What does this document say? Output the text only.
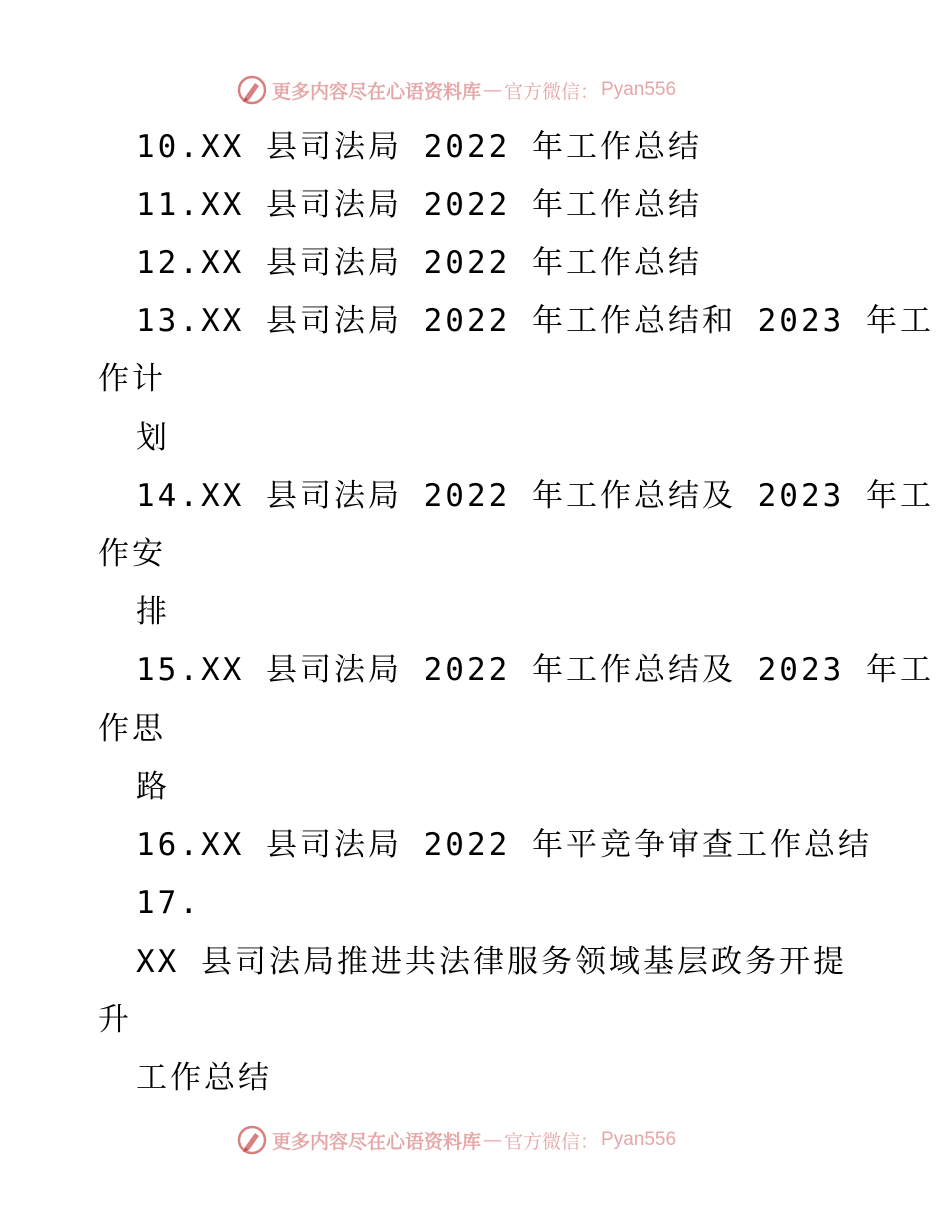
更多内容尽在心语资料库 — 官方微信： Pyan556
10.XX 县司法局 2022 年工作总结
11.XX 县司法局 2022 年工作总结
12.XX 县司法局 2022 年工作总结
13.XX 县司法局 2022 年工作总结和 2023 年工
作计
划
14.XX 县司法局 2022 年工作总结及 2023 年工
作安
排
15.XX 县司法局 2022 年工作总结及 2023 年工
作思
路
16.XX 县司法局 2022 年平竞争审查工作总结
17.
XX 县司法局推进共法律服务领域基层政务开提
升
工作总结
更多内容尽在心语资料库 — 官方微信： Pyan556
